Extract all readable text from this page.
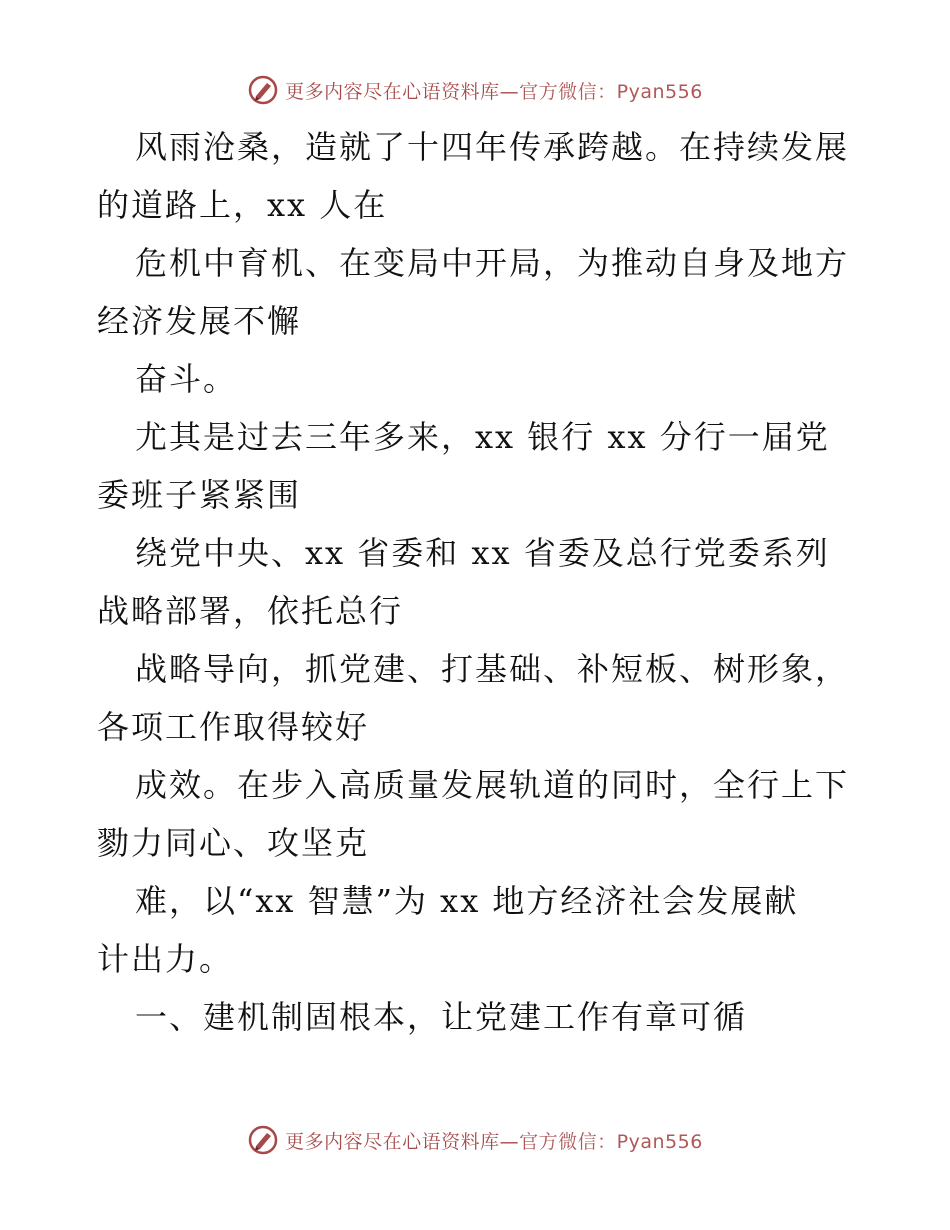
更多内容尽在心语资料库—官方微信：Pyan556
风雨沧桑，造就了十四年传承跨越。在持续发展
的道路上，xx 人在
危机中育机、在变局中开局，为推动自身及地方
经济发展不懈
奋斗。
尤其是过去三年多来，xx 银行 xx 分行一届党
委班子紧紧围
绕党中央、xx 省委和 xx 省委及总行党委系列
战略部署，依托总行
战略导向，抓党建、打基础、补短板、树形象，
各项工作取得较好
成效。在步入高质量发展轨道的同时，全行上下
勠力同心、攻坚克
难，以“xx 智慧”为 xx 地方经济社会发展献
计出力。
一、建机制固根本，让党建工作有章可循
更多内容尽在心语资料库—官方微信：Pyan556
